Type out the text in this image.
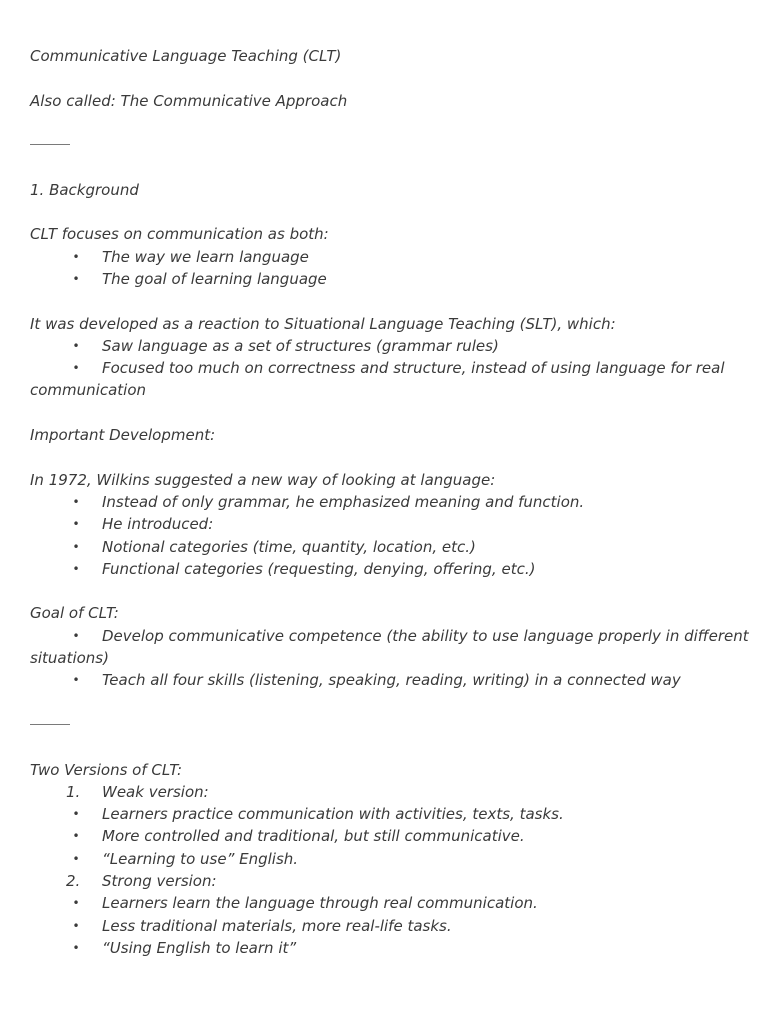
Communicative Language Teaching (CLT)
Also called: The Communicative Approach
1. Background
CLT focuses on communication as both:
•	The way we learn language
•	The goal of learning language
It was developed as a reaction to Situational Language Teaching (SLT), which:
•	Saw language as a set of structures (grammar rules)
•	Focused too much on correctness and structure, instead of using language for real
communication
Important Development:
In 1972, Wilkins suggested a new way of looking at language:
•	Instead of only grammar, he emphasized meaning and function.
•	He introduced:
•	Notional categories (time, quantity, location, etc.)
•	Functional categories (requesting, denying, offering, etc.)
Goal of CLT:
•	Develop communicative competence (the ability to use language properly in different
situations)
•	Teach all four skills (listening, speaking, reading, writing) in a connected way
Two Versions of CLT:
1. Weak version:
•	Learners practice communication with activities, texts, tasks.
•	More controlled and traditional, but still communicative.
•	“Learning to use” English.
2. Strong version:
•	Learners learn the language through real communication.
•	Less traditional materials, more real-life tasks.
•	“Using English to learn it”
